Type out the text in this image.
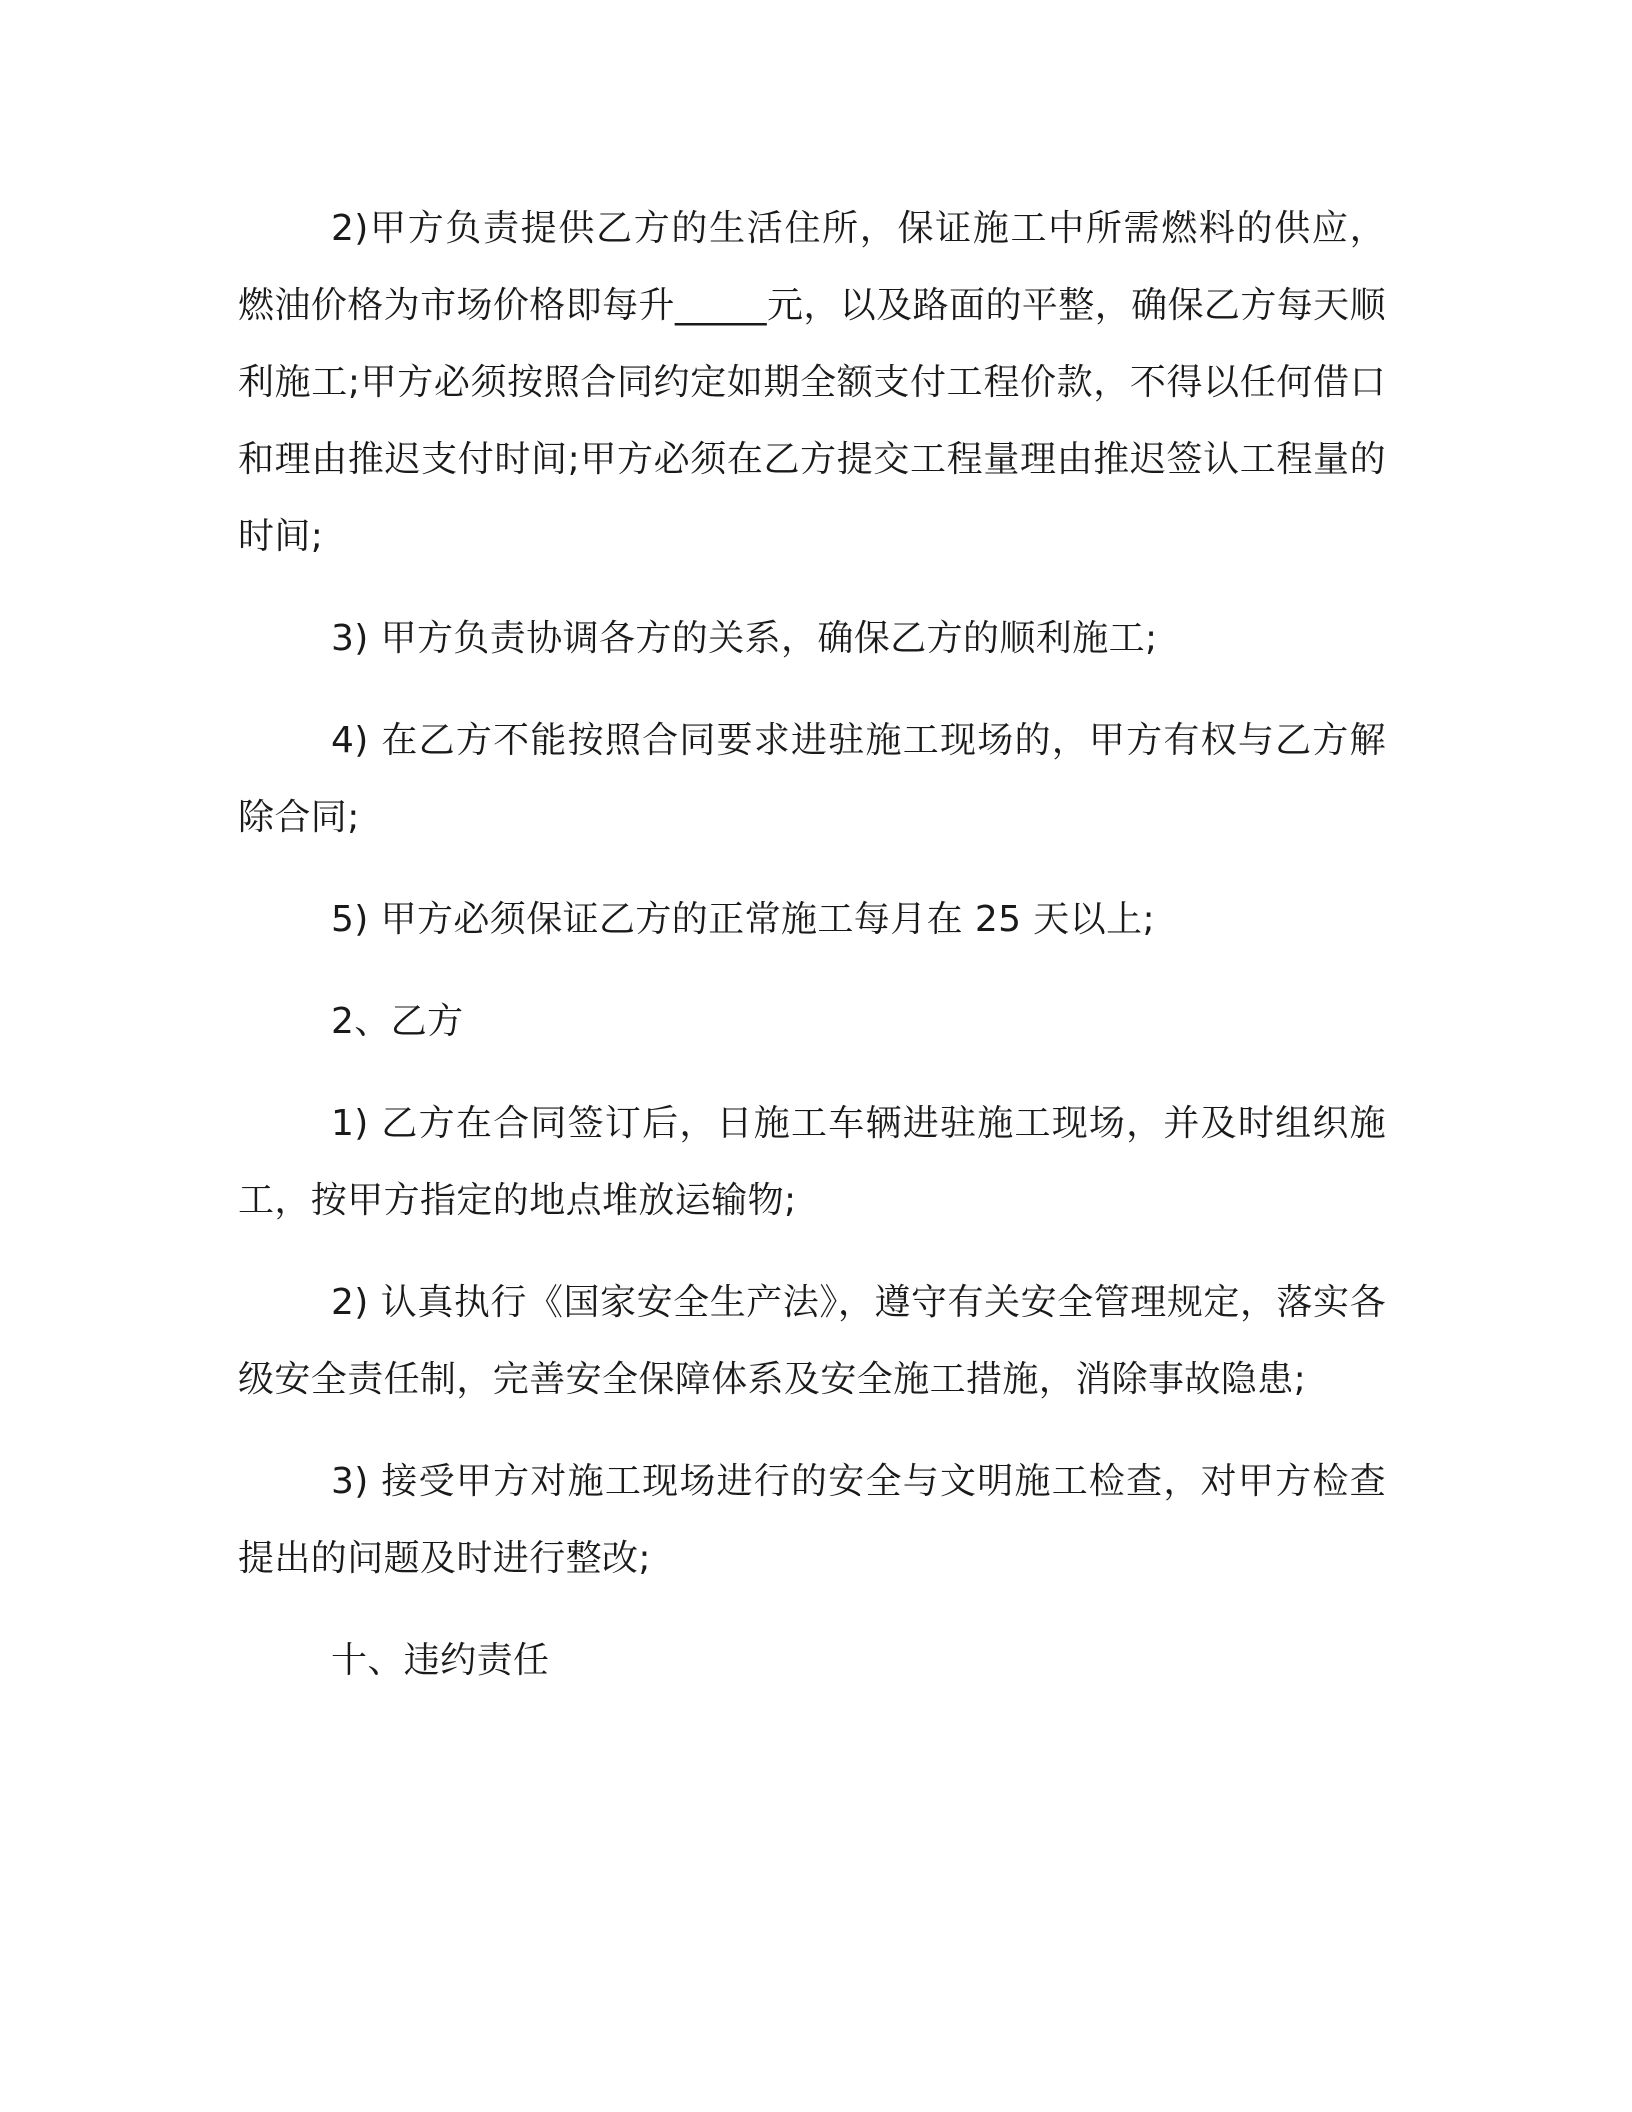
2)甲方负责提供乙方的生活住所，保证施工中所需燃料的供应，燃油价格为市场价格即每升_____元，以及路面的平整，确保乙方每天顺利施工;甲方必须按照合同约定如期全额支付工程价款，不得以任何借口和理由推迟支付时间;甲方必须在乙方提交工程量理由推迟签认工程量的时间;

3) 甲方负责协调各方的关系，确保乙方的顺利施工;

4) 在乙方不能按照合同要求进驻施工现场的，甲方有权与乙方解除合同;

5) 甲方必须保证乙方的正常施工每月在 25 天以上;

2、乙方

1) 乙方在合同签订后，日施工车辆进驻施工现场，并及时组织施工，按甲方指定的地点堆放运输物;

2) 认真执行《国家安全生产法》，遵守有关安全管理规定，落实各级安全责任制，完善安全保障体系及安全施工措施，消除事故隐患;

3) 接受甲方对施工现场进行的安全与文明施工检查，对甲方检查提出的问题及时进行整改;

十、违约责任
